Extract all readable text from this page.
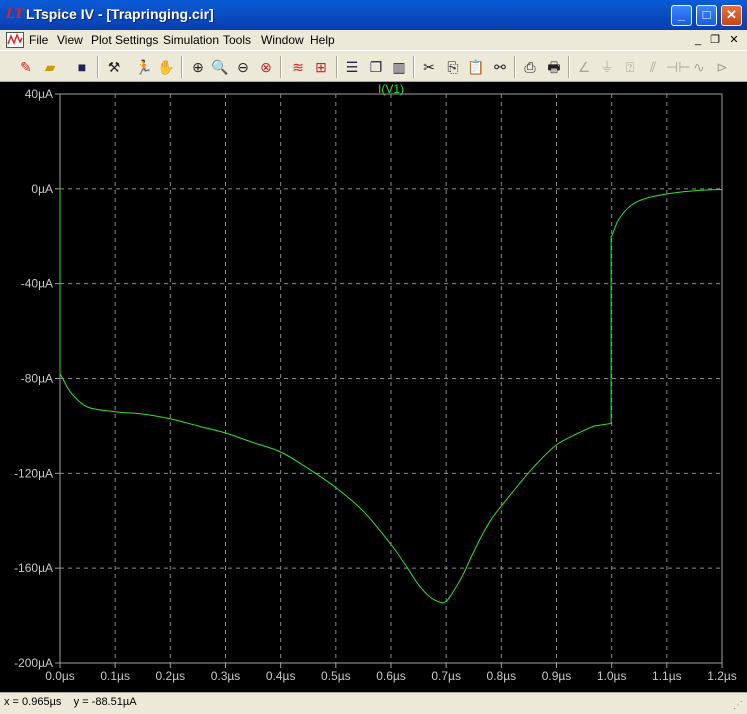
LT LTspice IV - [Trapringing.cir]	_	□	✕
File View Plot Settings Simulation Tools Window Help	_ ❐ ✕
✎ ▰	■	⚒ 🏃 ✋ ⊕ 🔍 ⊖ ⊗ ≋ ⊞ ☰ ❐ ▥ ✂ ⎘ 📋 ⚯	⎙ 🖶 ∠ ⏚ ⍰	⫽ ⊣⊢ ∿ ⊳
0.0µs 0.1µs 0.2µs 0.3µs 0.4µs 0.5µs 0.6µs 0.7µs 0.8µs 0.9µs 1.0µs 1.1µs 1.2µs
40µA
0µA
-40µA
-80µA
-120µA
-160µA
-200µA
I(V1)
x = 0.965µs    y = -88.51µA	⋰
